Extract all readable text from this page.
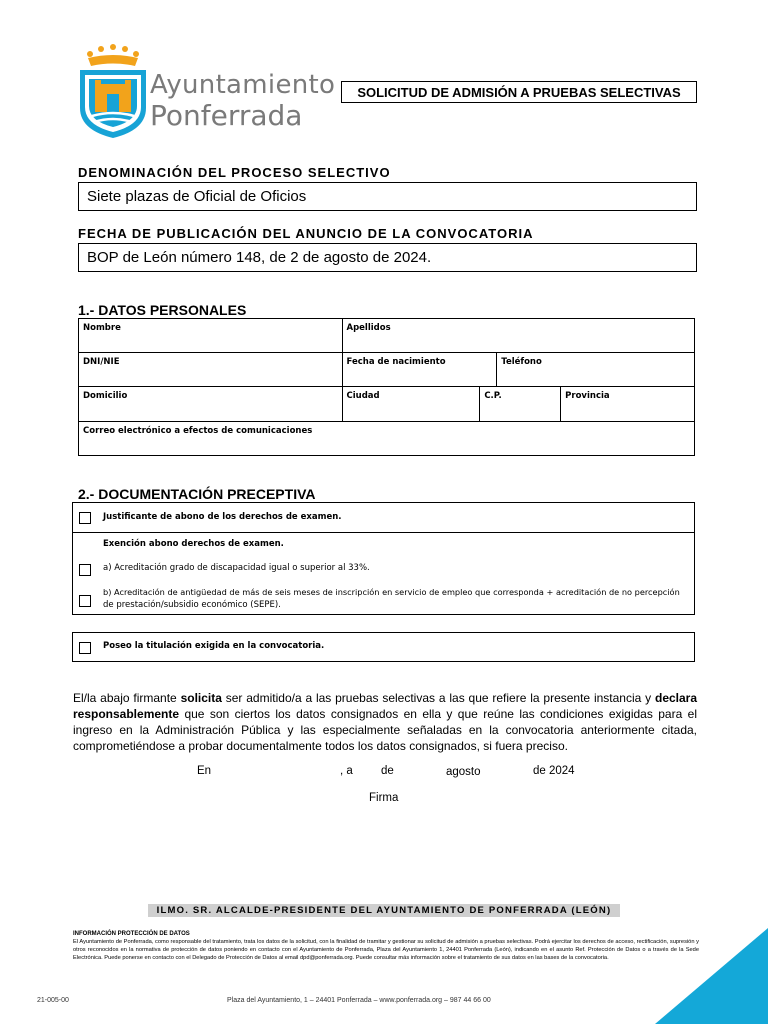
Ayuntamiento
Ponferrada
SOLICITUD DE ADMISIÓN A PRUEBAS SELECTIVAS
DENOMINACIÓN DEL PROCESO SELECTIVO
Siete plazas de Oficial de Oficios
FECHA DE PUBLICACIÓN DEL ANUNCIO DE LA CONVOCATORIA
BOP de León número 148, de 2 de agosto de 2024.
1.- DATOS PERSONALES
Nombre	Apellidos			
DNI/NIE	Fecha de nacimiento		Teléfono	
Domicilio	Ciudad	C.P.		Provincia
Correo electrónico a efectos de comunicaciones				
2.- DOCUMENTACIÓN PRECEPTIVA
Justificante de abono de los derechos de examen.
Exención abono derechos de examen.
a) Acreditación grado de discapacidad igual o superior al 33%.
b) Acreditación de antigüedad de más de seis meses de inscripción en servicio de empleo que corresponda + acreditación de no percepción
de prestación/subsidio económico (SEPE).
Poseo la titulación exigida en la convocatoria.
El/la abajo firmante solicita ser admitido/a a las pruebas selectivas a las que refiere la presente instancia y declara responsablemente que son ciertos los datos consignados en ella y que reúne las condiciones exigidas para el ingreso en la Administración Pública y las especialmente señaladas en la convocatoria anteriormente citada, comprometiéndose a probar documentalmente todos los datos consignados, si fuera preciso.
En	, a de	agosto	de 2024
Firma
ILMO. SR. ALCALDE-PRESIDENTE DEL AYUNTAMIENTO DE PONFERRADA (LEÓN)
INFORMACIÓN PROTECCIÓN DE DATOS
El Ayuntamiento de Ponferrada, como responsable del tratamiento, trata los datos de la solicitud, con la finalidad de tramitar y gestionar su solicitud de admisión a pruebas selectivas. Podrá ejercitar los derechos de acceso, rectificación, supresión y otros reconocidos en la normativa de protección de datos poniendo en contacto con el Ayuntamiento de Ponferrada, Plaza del Ayuntamiento 1, 24401 Ponferrada (León), indicando en el asunto Ref. Protección de Datos o a través de la Sede Electrónica. Puede ponerse en contacto con el Delegado de Protección de Datos al email dpd@ponferrada.org. Puede consultar más información sobre el tratamiento de sus datos en las bases de la convocatoria.
21-005-00	Plaza del Ayuntamiento, 1 – 24401 Ponferrada – www.ponferrada.org – 987 44 66 00
